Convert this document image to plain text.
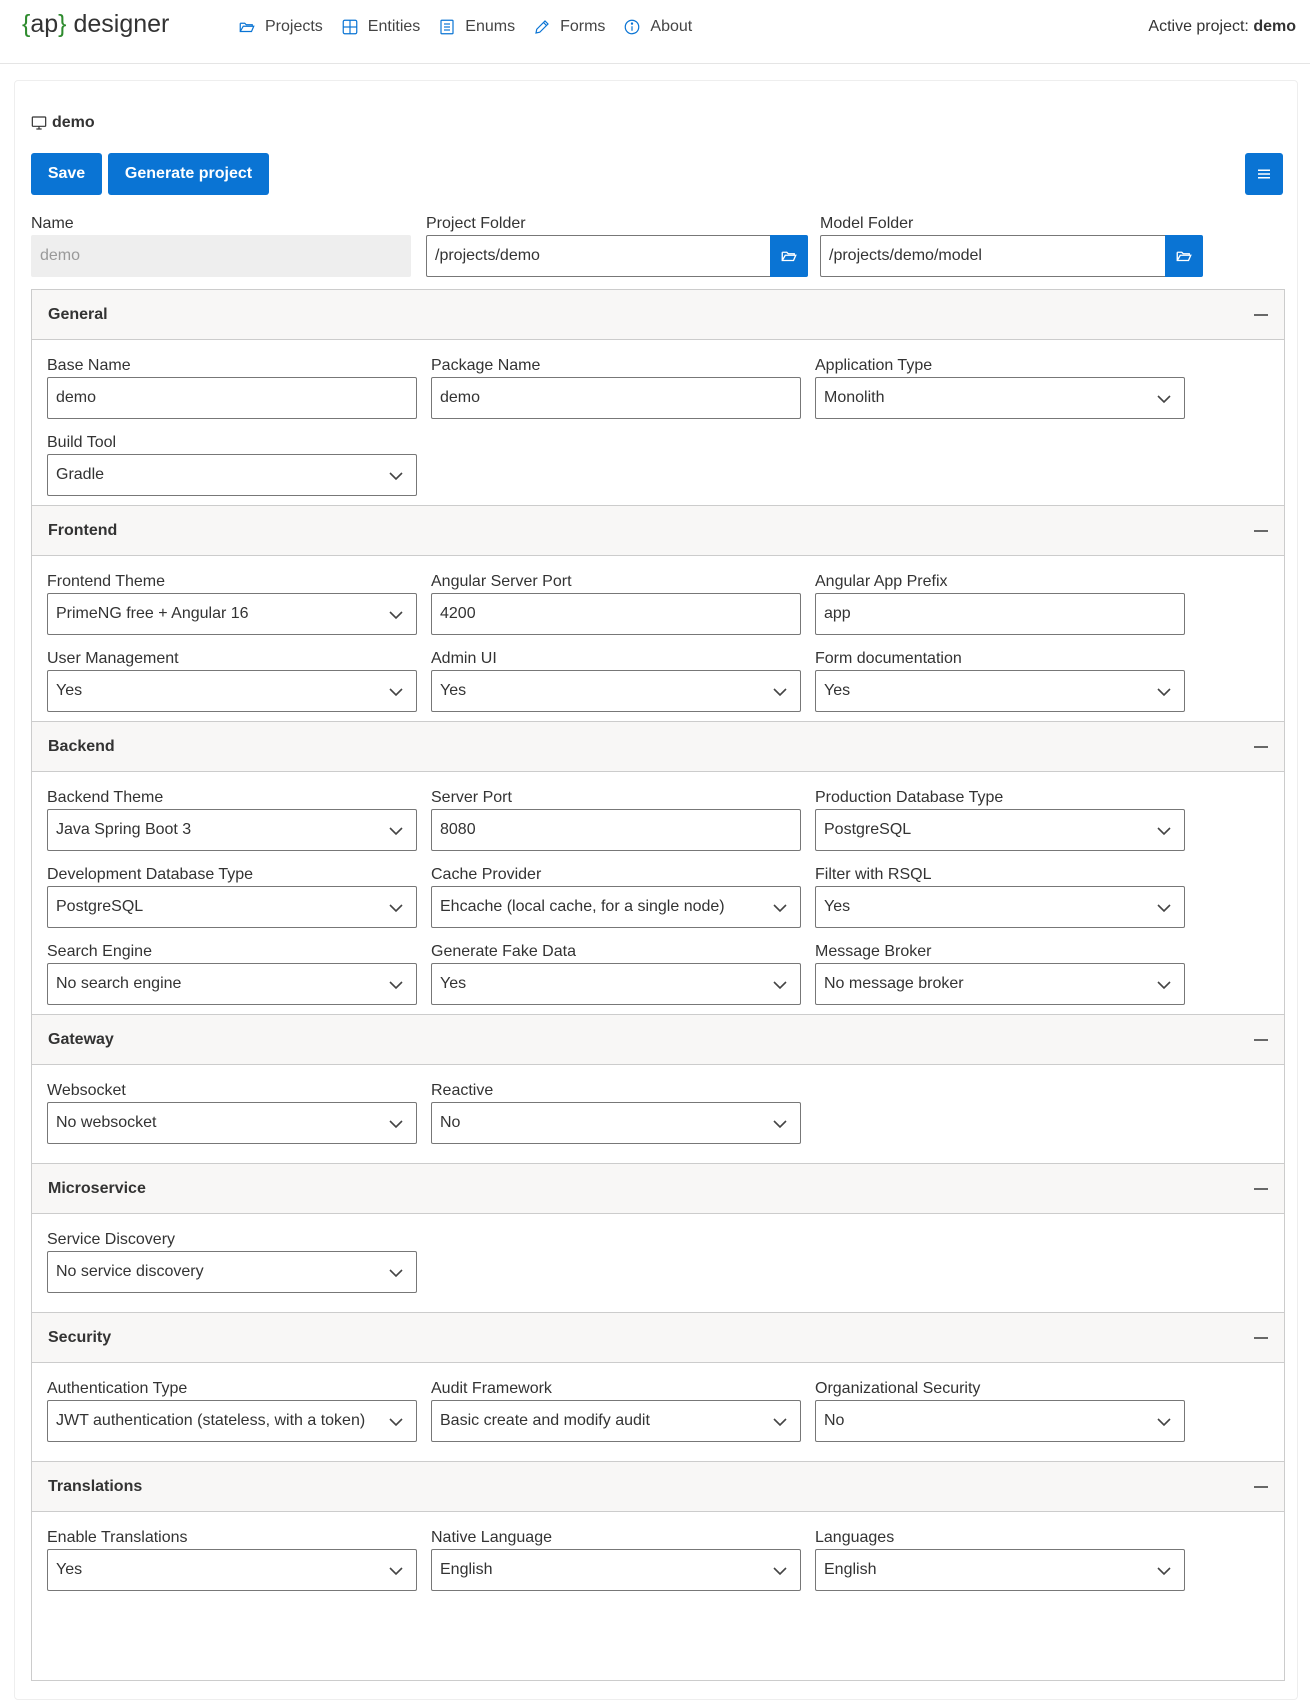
{ap} designer	Projects	Entities	Enums	Forms	About	Active project: demo
demo
Save	Generate project
Name
demo
Project Folder
/projects/demo
Model Folder
/projects/demo/model
General
Base Name
demo
Package Name
demo
Application Type
Monolith
Build Tool
Gradle
Frontend
Frontend Theme
PrimeNG free + Angular 16
Angular Server Port
4200
Angular App Prefix
app
User Management
Yes
Admin UI
Yes
Form documentation
Yes
Backend
Backend Theme
Java Spring Boot 3
Server Port
8080
Production Database Type
PostgreSQL
Development Database Type
PostgreSQL
Cache Provider
Ehcache (local cache, for a single node)
Filter with RSQL
Yes
Search Engine
No search engine
Generate Fake Data
Yes
Message Broker
No message broker
Gateway
Websocket
No websocket
Reactive
No
Microservice
Service Discovery
No service discovery
Security
Authentication Type
JWT authentication (stateless, with a token)
Audit Framework
Basic create and modify audit
Organizational Security
No
Translations
Enable Translations
Yes
Native Language
English
Languages
English
